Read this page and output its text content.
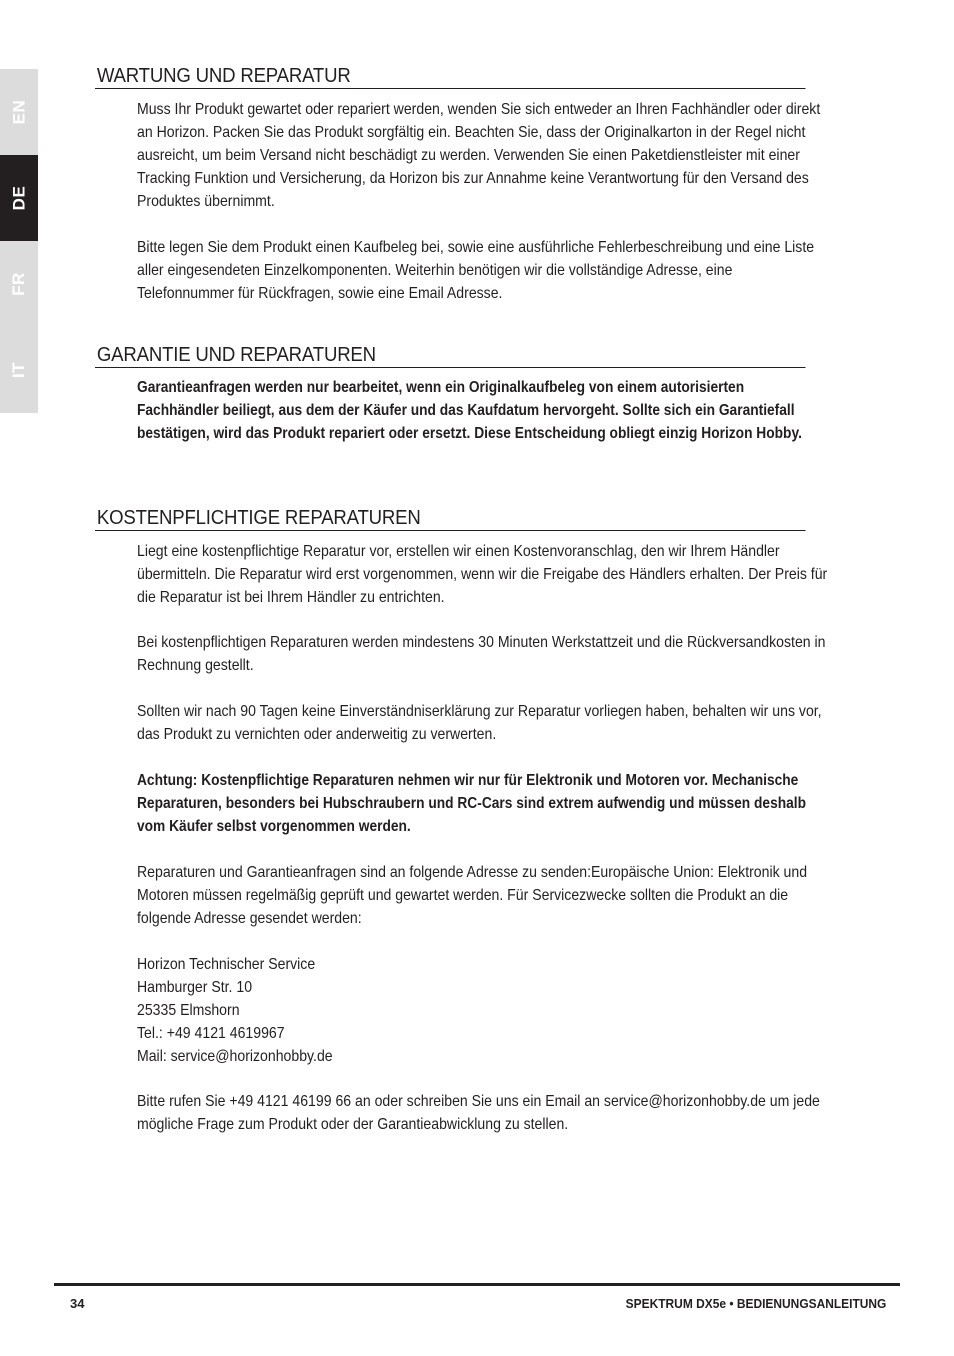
EN
DE
FR
IT
WARTUNG UND REPARATUR

Muss Ihr Produkt gewartet oder repariert werden, wenden Sie sich entweder an Ihren Fachhändler oder direkt an Horizon. Packen Sie das Produkt sorgfältig ein. Beachten Sie, dass der Originalkarton in der Regel nicht ausreicht, um beim Versand nicht beschädigt zu werden. Verwenden Sie einen Paketdienstleister mit einer Tracking Funktion und Versicherung, da Horizon bis zur Annahme keine Verantwortung für den Versand des Produktes übernimmt.

Bitte legen Sie dem Produkt einen Kaufbeleg bei, sowie eine ausführliche Fehlerbeschreibung und eine Liste aller eingesendeten Einzelkomponenten. Weiterhin benötigen wir die vollständige Adresse, eine Telefonnummer für Rückfragen, sowie eine Email Adresse.

GARANTIE UND REPARATUREN

Garantieanfragen werden nur bearbeitet, wenn ein Originalkaufbeleg von einem autorisierten Fachhändler beiliegt, aus dem der Käufer und das Kaufdatum hervorgeht. Sollte sich ein Garantiefall bestätigen, wird das Produkt repariert oder ersetzt. Diese Entscheidung obliegt einzig Horizon Hobby.

KOSTENPFLICHTIGE REPARATUREN

Liegt eine kostenpflichtige Reparatur vor, erstellen wir einen Kostenvoranschlag, den wir Ihrem Händler übermitteln. Die Reparatur wird erst vorgenommen, wenn wir die Freigabe des Händlers erhalten. Der Preis für die Reparatur ist bei Ihrem Händler zu entrichten.

Bei kostenpflichtigen Reparaturen werden mindestens 30 Minuten Werkstattzeit und die Rückversandkosten in Rechnung gestellt.

Sollten wir nach 90 Tagen keine Einverständniserklärung zur Reparatur vorliegen haben, behalten wir uns vor, das Produkt zu vernichten oder anderweitig zu verwerten.

Achtung: Kostenpflichtige Reparaturen nehmen wir nur für Elektronik und Motoren vor. Mechanische Reparaturen, besonders bei Hubschraubern und RC-Cars sind extrem aufwendig und müssen deshalb vom Käufer selbst vorgenommen werden.

Reparaturen und Garantieanfragen sind an folgende Adresse zu senden:Europäische Union: Elektronik und Motoren müssen regelmäßig geprüft und gewartet werden. Für Servicezwecke sollten die Produkt an die folgende Adresse gesendet werden:

Horizon Technischer Service
Hamburger Str. 10
25335 Elmshorn
Tel.: +49 4121 4619967
Mail: service@horizonhobby.de

Bitte rufen Sie +49 4121 46199 66 an oder schreiben Sie uns ein Email an service@horizonhobby.de um jede mögliche Frage zum Produkt oder der Garantieabwicklung zu stellen.

34	SPEKTRUM DX5e • BEDIENUNGSANLEITUNG
